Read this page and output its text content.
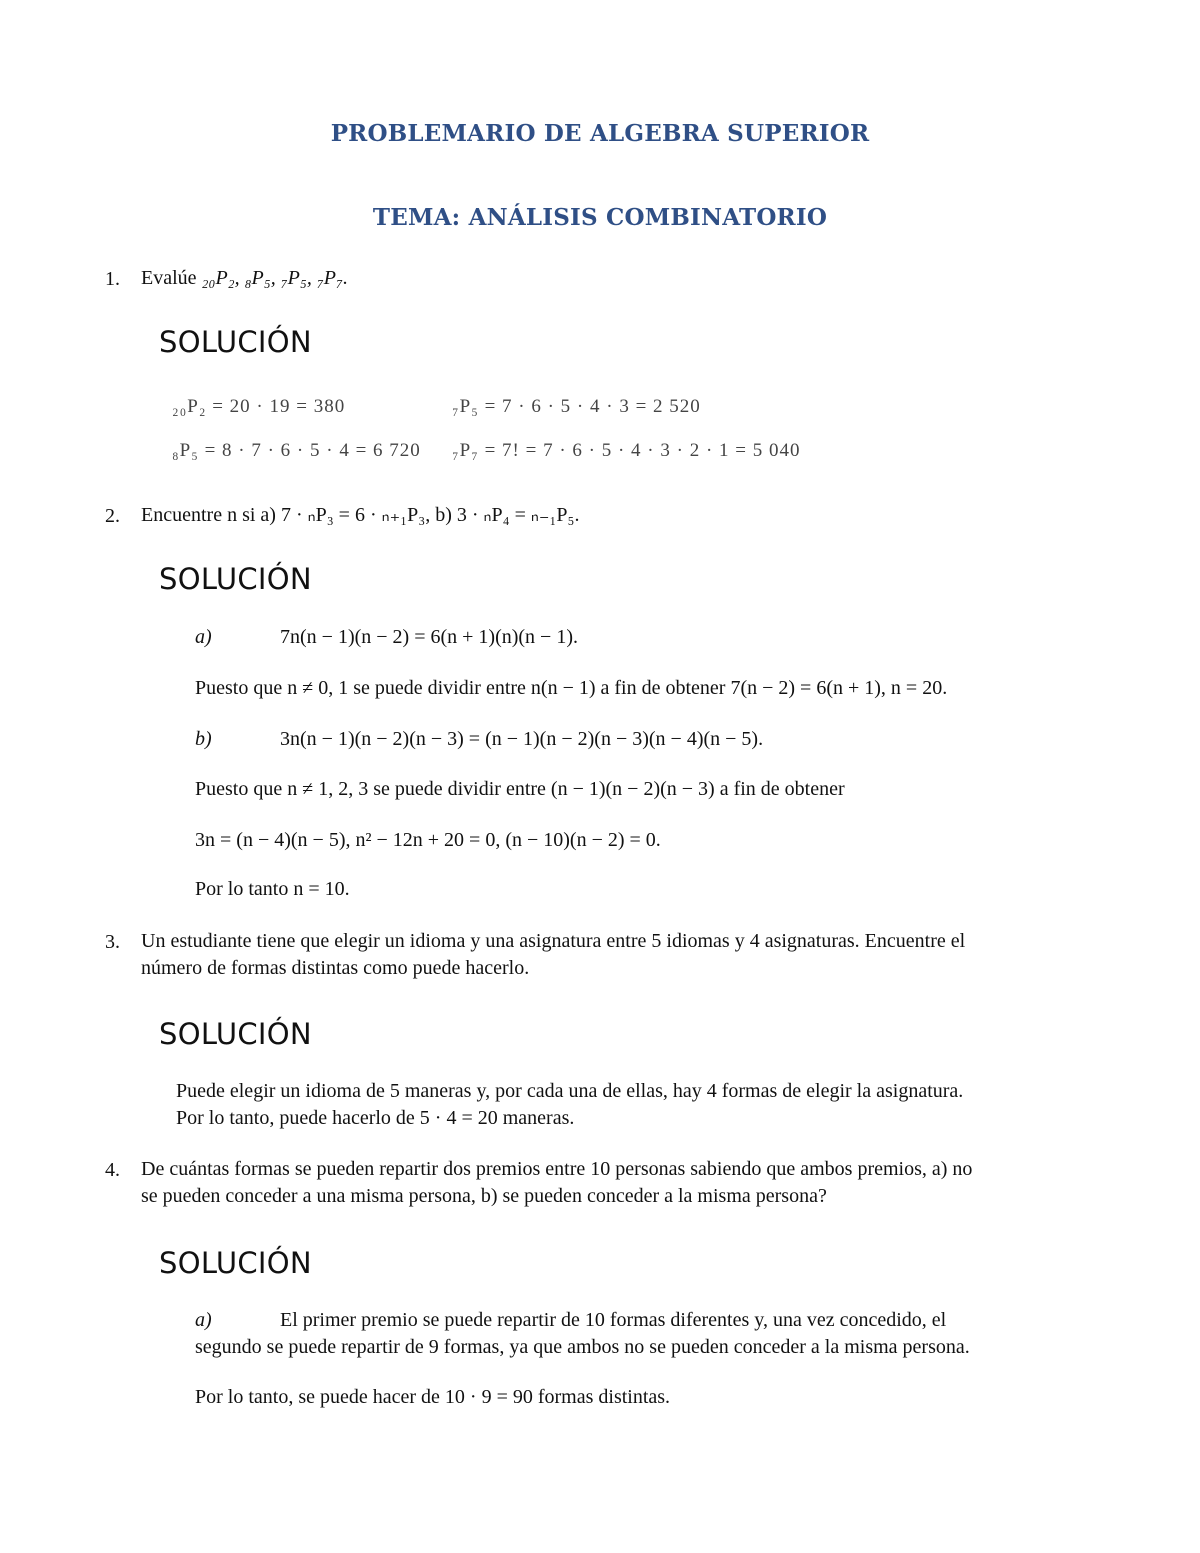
PROBLEMARIO DE ALGEBRA SUPERIOR
TEMA: ANÁLISIS COMBINATORIO
1. Evalúe ₂₀P₂, ₈P₅, ₇P₅, ₇P₇.
SOLUCIÓN
₂₀P₂ = 20 · 19 = 380	₇P₅ = 7 · 6 · 5 · 4 · 3 = 2 520
₈P₅ = 8 · 7 · 6 · 5 · 4 = 6 720 ₇P₇ = 7! = 7 · 6 · 5 · 4 · 3 · 2 · 1 = 5 040
2. Encuentre n si a) 7 · ₙP₃ = 6 · ₙ₊₁P₃, b) 3 · ₙP₄ = ₙ₋₁P₅.
SOLUCIÓN
a)	7n(n − 1)(n − 2) = 6(n + 1)(n)(n − 1).
Puesto que n ≠ 0, 1 se puede dividir entre n(n − 1) a fin de obtener 7(n − 2) = 6(n + 1), n = 20.
b)	3n(n − 1)(n − 2)(n − 3) = (n − 1)(n − 2)(n − 3)(n − 4)(n − 5).
Puesto que n ≠ 1, 2, 3 se puede dividir entre (n − 1)(n − 2)(n − 3) a fin de obtener
3n = (n − 4)(n − 5), n² − 12n + 20 = 0, (n − 10)(n − 2) = 0.
Por lo tanto n = 10.
3. Un estudiante tiene que elegir un idioma y una asignatura entre 5 idiomas y 4 asignaturas. Encuentre el
número de formas distintas como puede hacerlo.
SOLUCIÓN
Puede elegir un idioma de 5 maneras y, por cada una de ellas, hay 4 formas de elegir la asignatura.
Por lo tanto, puede hacerlo de 5 · 4 = 20 maneras.
4. De cuántas formas se pueden repartir dos premios entre 10 personas sabiendo que ambos premios, a) no
se pueden conceder a una misma persona, b) se pueden conceder a la misma persona?
SOLUCIÓN
a)	El primer premio se puede repartir de 10 formas diferentes y, una vez concedido, el
segundo se puede repartir de 9 formas, ya que ambos no se pueden conceder a la misma persona.
Por lo tanto, se puede hacer de 10 · 9 = 90 formas distintas.
